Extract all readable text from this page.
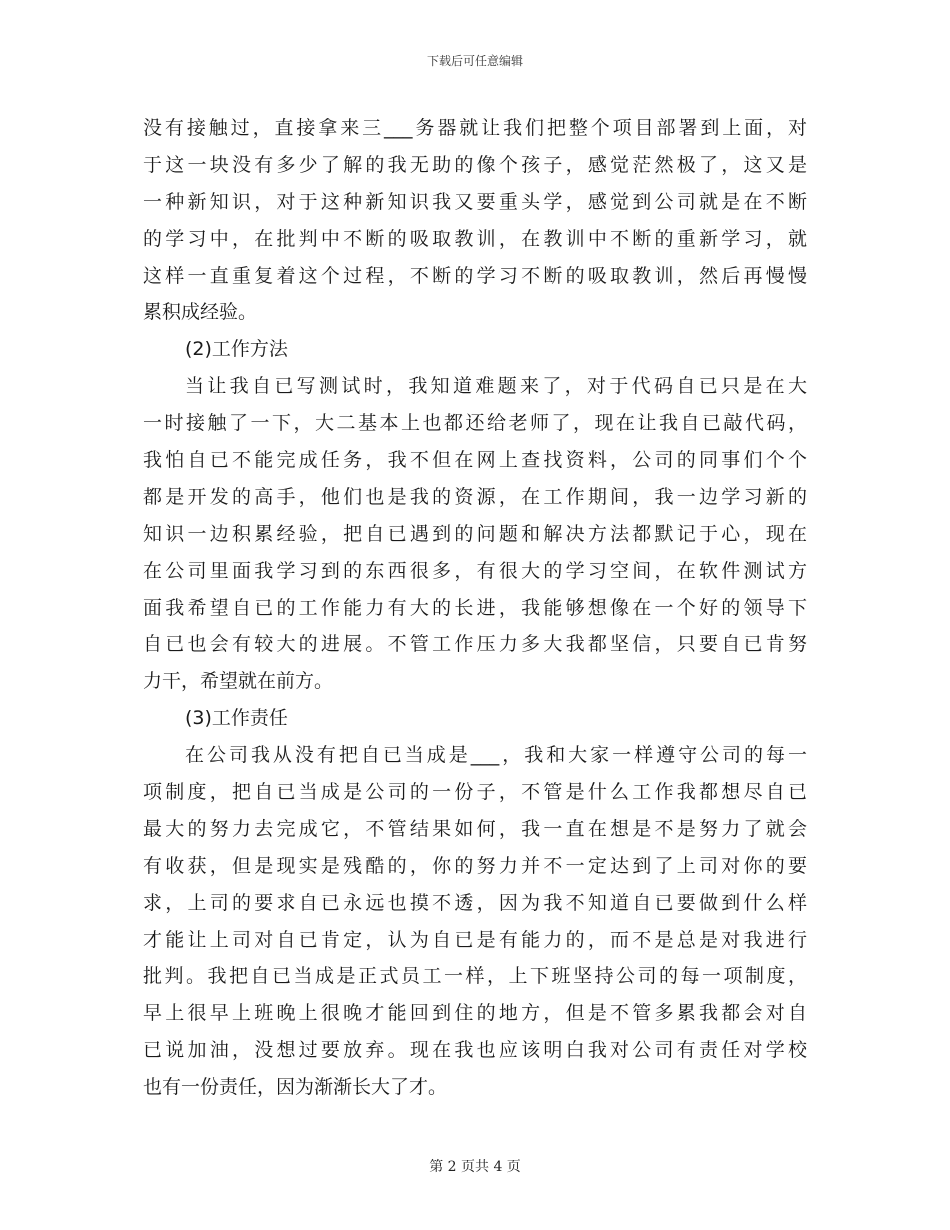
下载后可任意编辑
没有接触过，直接拿来三___务器就让我们把整个项目部署到上面，对
于这一块没有多少了解的我无助的像个孩子，感觉茫然极了，这又是
一种新知识，对于这种新知识我又要重头学，感觉到公司就是在不断
的学习中，在批判中不断的吸取教训，在教训中不断的重新学习，就
这样一直重复着这个过程，不断的学习不断的吸取教训，然后再慢慢
累积成经验。
(2)工作方法
当让我自已写测试时，我知道难题来了，对于代码自已只是在大
一时接触了一下，大二基本上也都还给老师了，现在让我自已敲代码，
我怕自已不能完成任务，我不但在网上查找资料，公司的同事们个个
都是开发的高手，他们也是我的资源，在工作期间，我一边学习新的
知识一边积累经验，把自已遇到的问题和解决方法都默记于心，现在
在公司里面我学习到的东西很多，有很大的学习空间，在软件测试方
面我希望自已的工作能力有大的长进，我能够想像在一个好的领导下
自已也会有较大的进展。不管工作压力多大我都坚信，只要自已肯努
力干，希望就在前方。
(3)工作责任
在公司我从没有把自已当成是___，我和大家一样遵守公司的每一
项制度，把自已当成是公司的一份子，不管是什么工作我都想尽自已
最大的努力去完成它，不管结果如何，我一直在想是不是努力了就会
有收获，但是现实是残酷的，你的努力并不一定达到了上司对你的要
求，上司的要求自已永远也摸不透，因为我不知道自已要做到什么样
才能让上司对自已肯定，认为自已是有能力的，而不是总是对我进行
批判。我把自已当成是正式员工一样，上下班坚持公司的每一项制度，
早上很早上班晚上很晚才能回到住的地方，但是不管多累我都会对自
已说加油，没想过要放弃。现在我也应该明白我对公司有责任对学校
也有一份责任，因为渐渐长大了才。
第 2 页共 4 页
